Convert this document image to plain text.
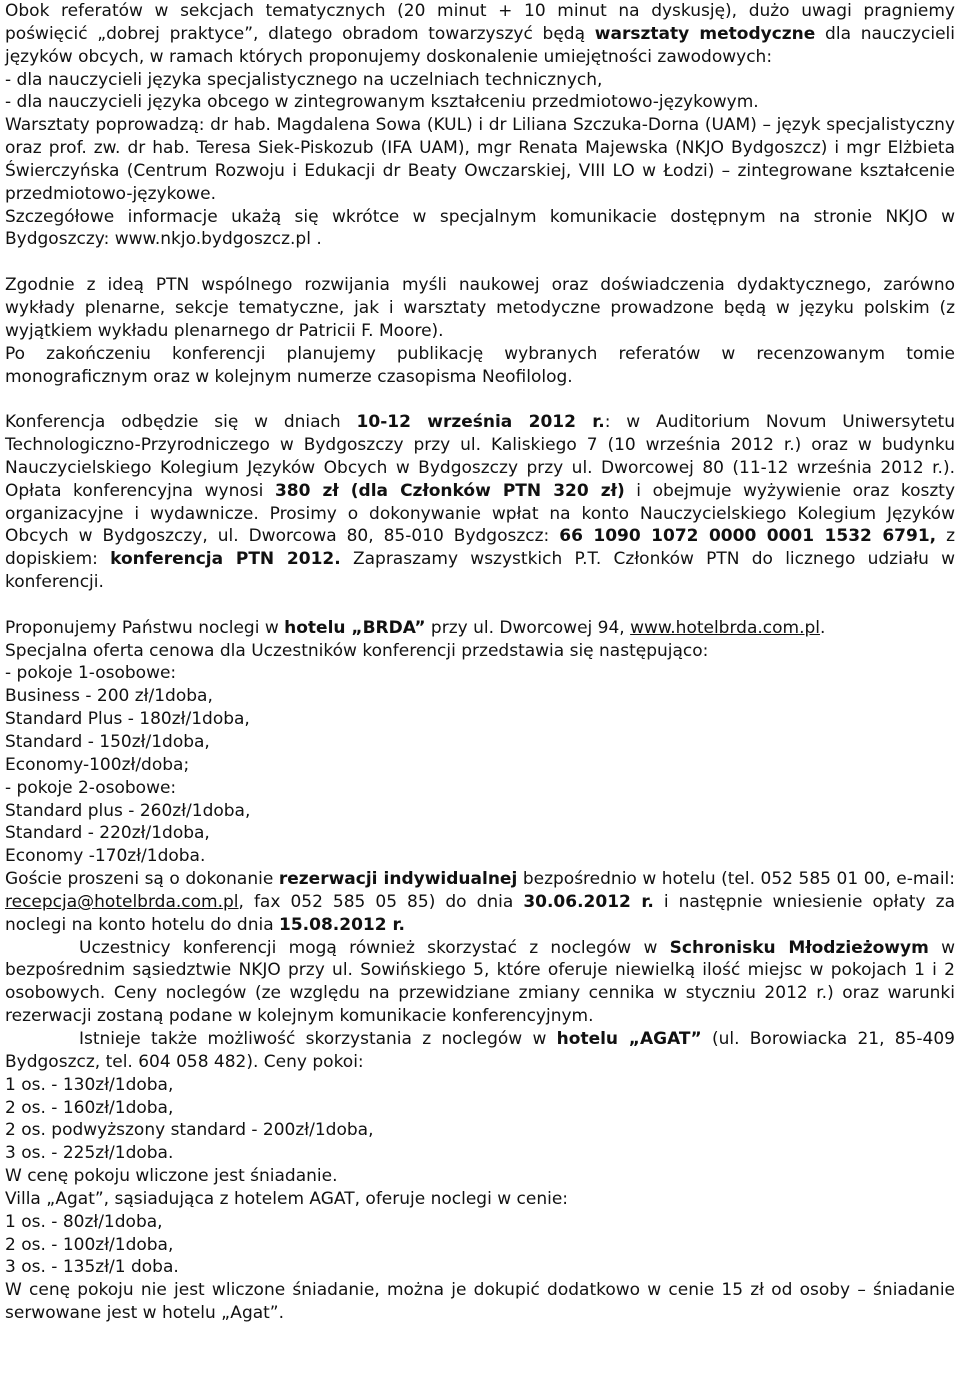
Obok referatów w sekcjach tematycznych (20 minut + 10 minut na dyskusję), dużo uwagi pragniemy poświęcić „dobrej praktyce”, dlatego obradom towarzyszyć będą warsztaty metodyczne dla nauczycieli języków obcych, w ramach których proponujemy doskonalenie umiejętności zawodowych:

- dla nauczycieli języka specjalistycznego na uczelniach technicznych,

- dla nauczycieli języka obcego w zintegrowanym kształceniu przedmiotowo-językowym.

Warsztaty poprowadzą: dr hab. Magdalena Sowa (KUL) i dr Liliana Szczuka-Dorna (UAM) – język specjalistyczny oraz prof. zw. dr hab. Teresa Siek-Piskozub (IFA UAM), mgr Renata Majewska (NKJO Bydgoszcz) i mgr Elżbieta Świerczyńska (Centrum Rozwoju i Edukacji dr Beaty Owczarskiej, VIII LO w Łodzi) – zintegrowane kształcenie przedmiotowo-językowe.

Szczegółowe informacje ukażą się wkrótce w specjalnym komunikacie dostępnym na stronie NKJO w Bydgoszczy: www.nkjo.bydgoszcz.pl .

Zgodnie z ideą PTN wspólnego rozwijania myśli naukowej oraz doświadczenia dydaktycznego, zarówno wykłady plenarne, sekcje tematyczne, jak i warsztaty metodyczne prowadzone będą w języku polskim (z wyjątkiem wykładu plenarnego dr Patricii F. Moore).

Po zakończeniu konferencji planujemy publikację wybranych referatów w recenzowanym tomie monograficznym oraz w kolejnym numerze czasopisma Neofilolog.

Konferencja odbędzie się w dniach 10-12 września 2012 r.: w Auditorium Novum Uniwersytetu Technologiczno-Przyrodniczego w Bydgoszczy przy ul. Kaliskiego 7 (10 września 2012 r.) oraz w budynku Nauczycielskiego Kolegium Języków Obcych w Bydgoszczy przy ul. Dworcowej 80 (11-12 września 2012 r.). Opłata konferencyjna wynosi 380 zł (dla Członków PTN 320 zł) i obejmuje wyżywienie oraz koszty organizacyjne i wydawnicze. Prosimy o dokonywanie wpłat na konto Nauczycielskiego Kolegium Języków Obcych w Bydgoszczy, ul. Dworcowa 80, 85-010 Bydgoszcz: 66 1090 1072 0000 0001 1532 6791, z dopiskiem: konferencja PTN 2012. Zapraszamy wszystkich P.T. Członków PTN do licznego udziału w konferencji.

Proponujemy Państwu noclegi w hotelu „BRDA” przy ul. Dworcowej 94, www.hotelbrda.com.pl.

Specjalna oferta cenowa dla Uczestników konferencji przedstawia się następująco:

- pokoje 1-osobowe:

Business - 200 zł/1doba,

Standard Plus - 180zł/1doba,

Standard - 150zł/1doba,

Economy-100zł/doba;

- pokoje 2-osobowe:

Standard plus - 260zł/1doba,

Standard - 220zł/1doba,

Economy -170zł/1doba.

Goście proszeni są o dokonanie rezerwacji indywidualnej bezpośrednio w hotelu (tel. 052 585 01 00, e-mail: recepcja@hotelbrda.com.pl, fax 052 585 05 85) do dnia 30.06.2012 r. i następnie wniesienie opłaty za noclegi na konto hotelu do dnia 15.08.2012 r.

Uczestnicy konferencji mogą również skorzystać z noclegów w Schronisku Młodzieżowym w bezpośrednim sąsiedztwie NKJO przy ul. Sowińskiego 5, które oferuje niewielką ilość miejsc w pokojach 1 i 2 osobowych. Ceny noclegów (ze względu na przewidziane zmiany cennika w styczniu 2012 r.) oraz warunki rezerwacji zostaną podane w kolejnym komunikacie konferencyjnym.

Istnieje także możliwość skorzystania z noclegów w hotelu „AGAT” (ul. Borowiacka 21, 85-409 Bydgoszcz, tel. 604 058 482). Ceny pokoi:

1 os. - 130zł/1doba,

2 os. - 160zł/1doba,

2 os. podwyższony standard - 200zł/1doba,

3 os. - 225zł/1doba.

W cenę pokoju wliczone jest śniadanie.

Villa „Agat”, sąsiadująca z hotelem AGAT, oferuje noclegi w cenie:

1 os. - 80zł/1doba,

2 os. - 100zł/1doba,

3 os. - 135zł/1 doba.

W cenę pokoju nie jest wliczone śniadanie, można je dokupić dodatkowo w cenie 15 zł od osoby – śniadanie serwowane jest w hotelu „Agat”.
